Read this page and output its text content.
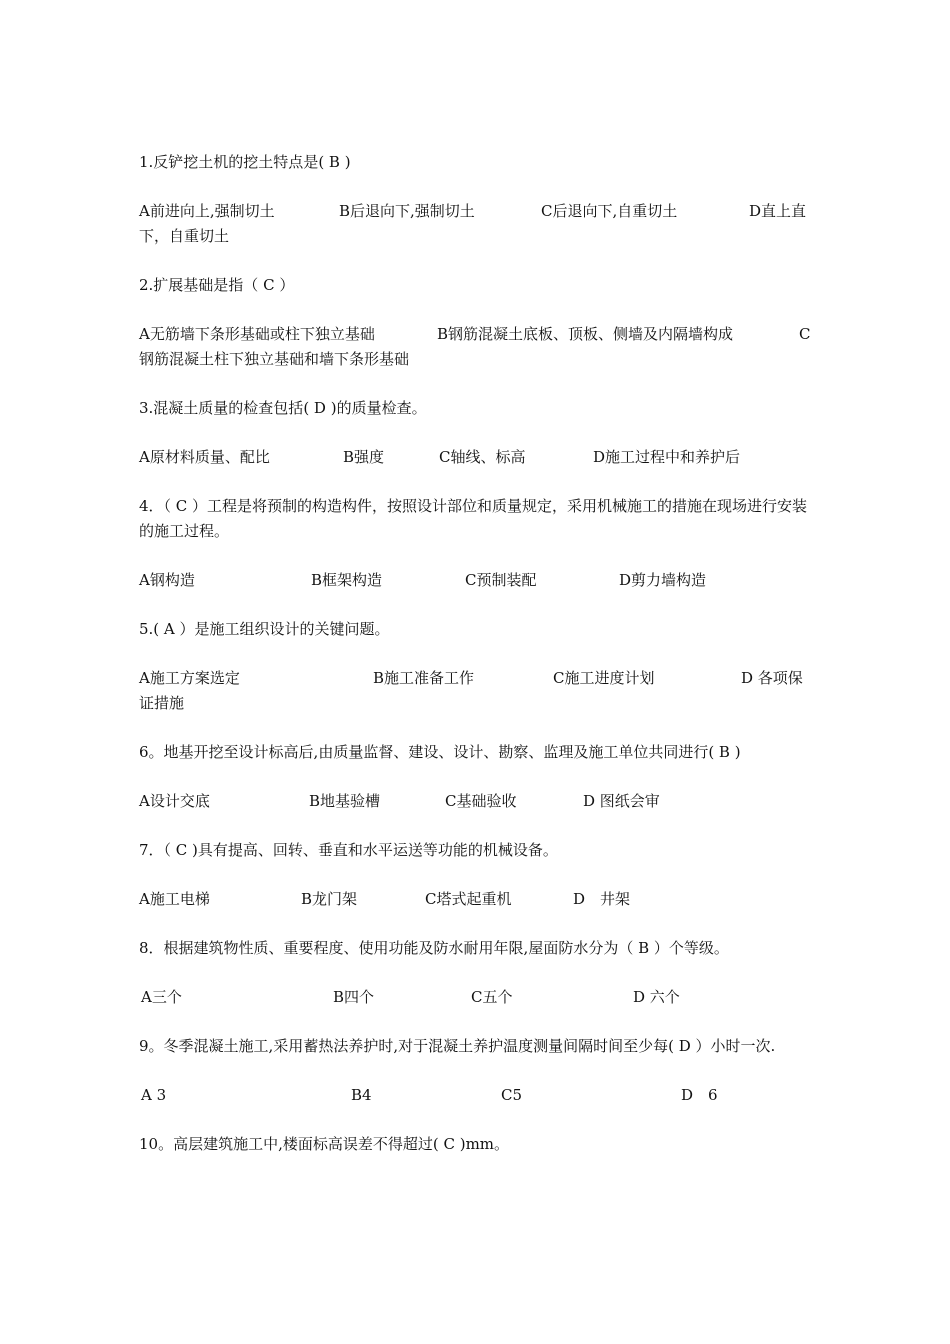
1.反铲挖土机的挖土特点是( B )

A前进向上,强制切土	B后退向下,强制切土	C后退向下,自重切土	D直上直
下，自重切土

2.扩展基础是指（ C ）

A无筋墙下条形基础或柱下独立基础	B钢筋混凝土底板、顶板、侧墙及内隔墙构成	C
钢筋混凝土柱下独立基础和墙下条形基础

3.混凝土质量的检查包括( D )的质量检查。

A原材料质量、配比	B强度	C轴线、标高	D施工过程中和养护后

4．（ C ）工程是将预制的构造构件，按照设计部位和质量规定，采用机械施工的措施在现场进行安装的施工过程。

A钢构造	B框架构造	C预制装配	D剪力墙构造

5.( A ）是施工组织设计的关键问题。

A施工方案选定	B施工准备工作	C施工进度计划	D 各项保
证措施

6。地基开挖至设计标高后,由质量监督、建设、设计、勘察、监理及施工单位共同进行( B )

A设计交底	B地基验槽	C基础验收	D 图纸会审

7．（ C )具有提高、回转、垂直和水平运送等功能的机械设备。

A施工电梯	B龙门架	C塔式起重机	D　井架

8．根据建筑物性质、重要程度、使用功能及防水耐用年限,屋面防水分为（ B ）个等级。

A三个	B四个	C五个	D 六个

9。冬季混凝土施工,采用蓄热法养护时,对于混凝土养护温度测量间隔时间至少每( D ）小时一次.

A 3	B4	C5	D　6

10。高层建筑施工中,楼面标高误差不得超过( C )mm。
